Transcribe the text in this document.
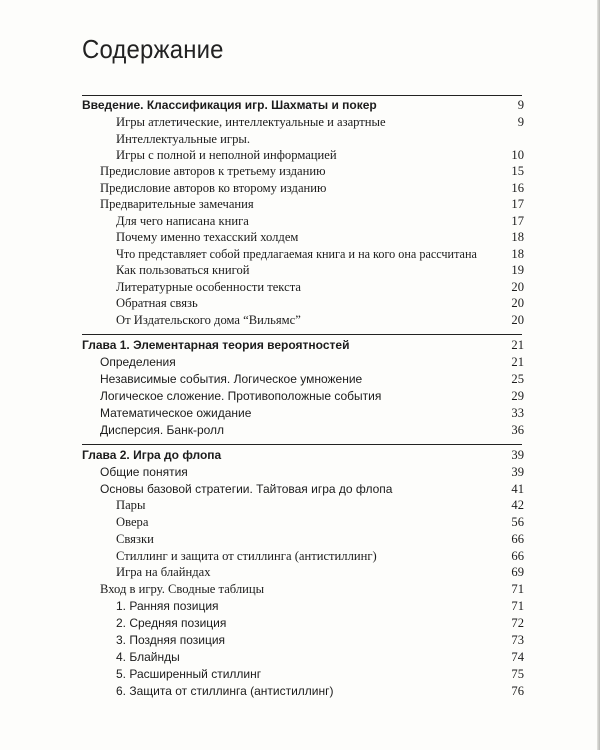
Содержание
Введение. Классификация игр. Шахматы и покер	9
Игры атлетические, интеллектуальные и азартные	9
Интеллектуальные игры.
Игры с полной и неполной информацией	10
Предисловие авторов к третьему изданию	15
Предисловие авторов ко второму изданию	16
Предварительные замечания	17
Для чего написана книга	17
Почему именно техасский холдем	18
Что представляет собой предлагаемая книга и на кого она рассчитана	18
Как пользоваться книгой	19
Литературные особенности текста	20
Обратная связь	20
От Издательского дома “Вильямс”	20
Глава 1. Элементарная теория вероятностей	21
Определения	21
Независимые события. Логическое умножение	25
Логическое сложение. Противоположные события	29
Математическое ожидание	33
Дисперсия. Банк-ролл	36
Глава 2. Игра до флопа	39
Общие понятия	39
Основы базовой стратегии. Тайтовая игра до флопа	41
Пары	42
Овера	56
Связки	66
Стиллинг и защита от стиллинга (антистиллинг)	66
Игра на блайндах	69
Вход в игру. Сводные таблицы	71
1. Ранняя позиция	71
2. Средняя позиция	72
3. Поздняя позиция	73
4. Блайнды	74
5. Расширенный стиллинг	75
6. Защита от стиллинга (антистиллинг)	76
